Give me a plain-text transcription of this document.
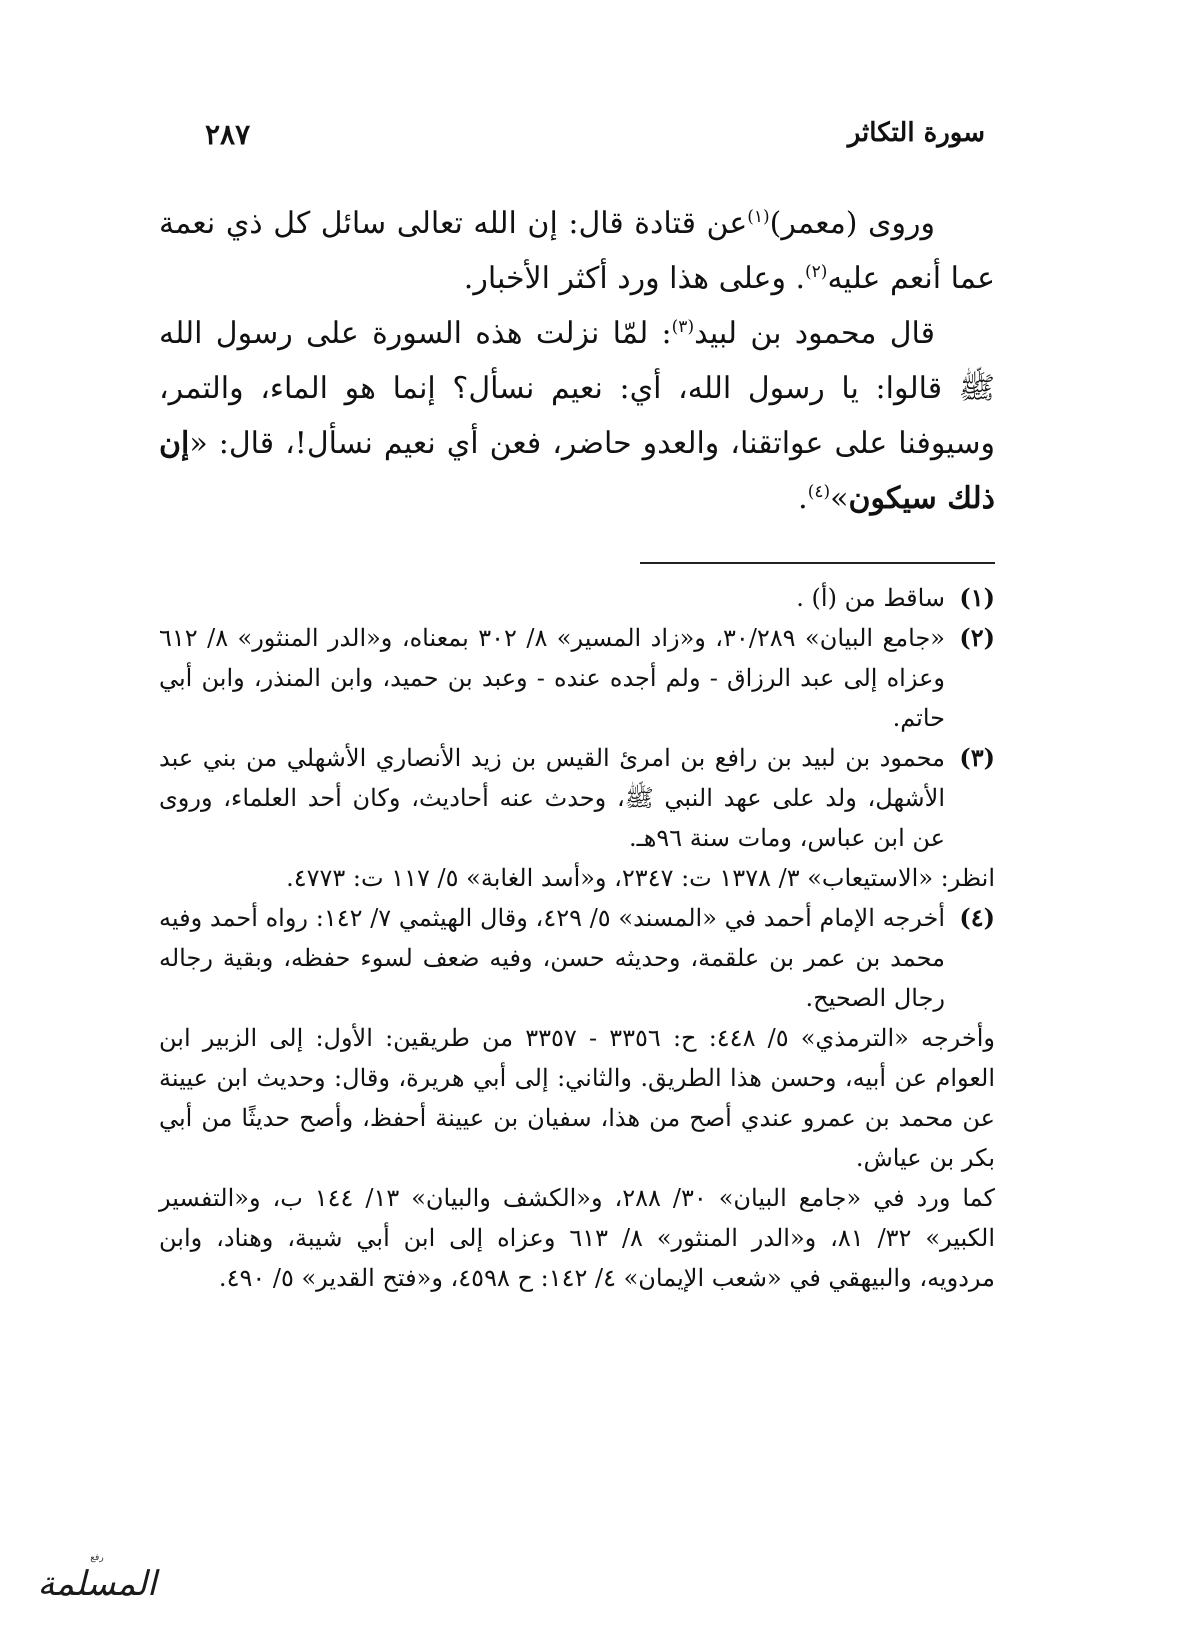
٢٨٧	سورة التكاثر

وروى (معمر)$^{(١)}$عن قتادة قال: إن الله تعالى سائل كل ذي نعمة عما أنعم عليه$^{(٢)}$. وعلى هذا ورد أكثر الأخبار.

قال محمود بن لبيد$^{(٣)}$: لمّا نزلت هذه السورة على رسول الله ﷺ قالوا: يا رسول الله، أي: نعيم نسأل؟ إنما هو الماء، والتمر، وسيوفنا على عواتقنا، والعدو حاضر، فعن أي نعيم نسأل!، قال: «إن ذلك سيكون»$^{(٤)}$.

(١)
ساقط من (أ) .

(٢)
«جامع البيان» ٣٠/٢٨٩، و«زاد المسير» ٨/ ٣٠٢ بمعناه، و«الدر المنثور» ٨/ ٦١٢ وعزاه إلى عبد الرزاق - ولم أجده عنده - وعبد بن حميد، وابن المنذر، وابن أبي حاتم.

(٣)
محمود بن لبيد بن رافع بن امرئ القيس بن زيد الأنصاري الأشهلي من بني عبد الأشهل، ولد على عهد النبي ﷺ، وحدث عنه أحاديث، وكان أحد العلماء، وروى عن ابن عباس، ومات سنة ٩٦هـ.

انظر: «الاستيعاب» ٣/ ١٣٧٨ ت: ٢٣٤٧، و«أسد الغابة» ٥/ ١١٧ ت: ٤٧٧٣.

(٤)
أخرجه الإمام أحمد في «المسند» ٥/ ٤٢٩، وقال الهيثمي ٧/ ١٤٢: رواه أحمد وفيه محمد بن عمر بن علقمة، وحديثه حسن، وفيه ضعف لسوء حفظه، وبقية رجاله رجال الصحيح.

وأخرجه «الترمذي» ٥/ ٤٤٨: ح: ٣٣٥٦ - ٣٣٥٧ من طريقين: الأول: إلى الزبير ابن العوام عن أبيه، وحسن هذا الطريق. والثاني: إلى أبي هريرة، وقال: وحديث ابن عيينة عن محمد بن عمرو عندي أصح من هذا، سفيان بن عيينة أحفظ، وأصح حديثًا من أبي بكر بن عياش.

كما ورد في «جامع البيان» ٣٠/ ٢٨٨، و«الكشف والبيان» ١٣/ ١٤٤ ب، و«التفسير الكبير» ٣٢/ ٨١، و«الدر المنثور» ٨/ ٦١٣ وعزاه إلى ابن أبي شيبة، وهناد، وابن مردويه، والبيهقي في «شعب الإيمان» ٤/ ١٤٢: ح ٤٥٩٨، و«فتح القدير» ٥/ ٤٩٠.

رفع
المسلمة
